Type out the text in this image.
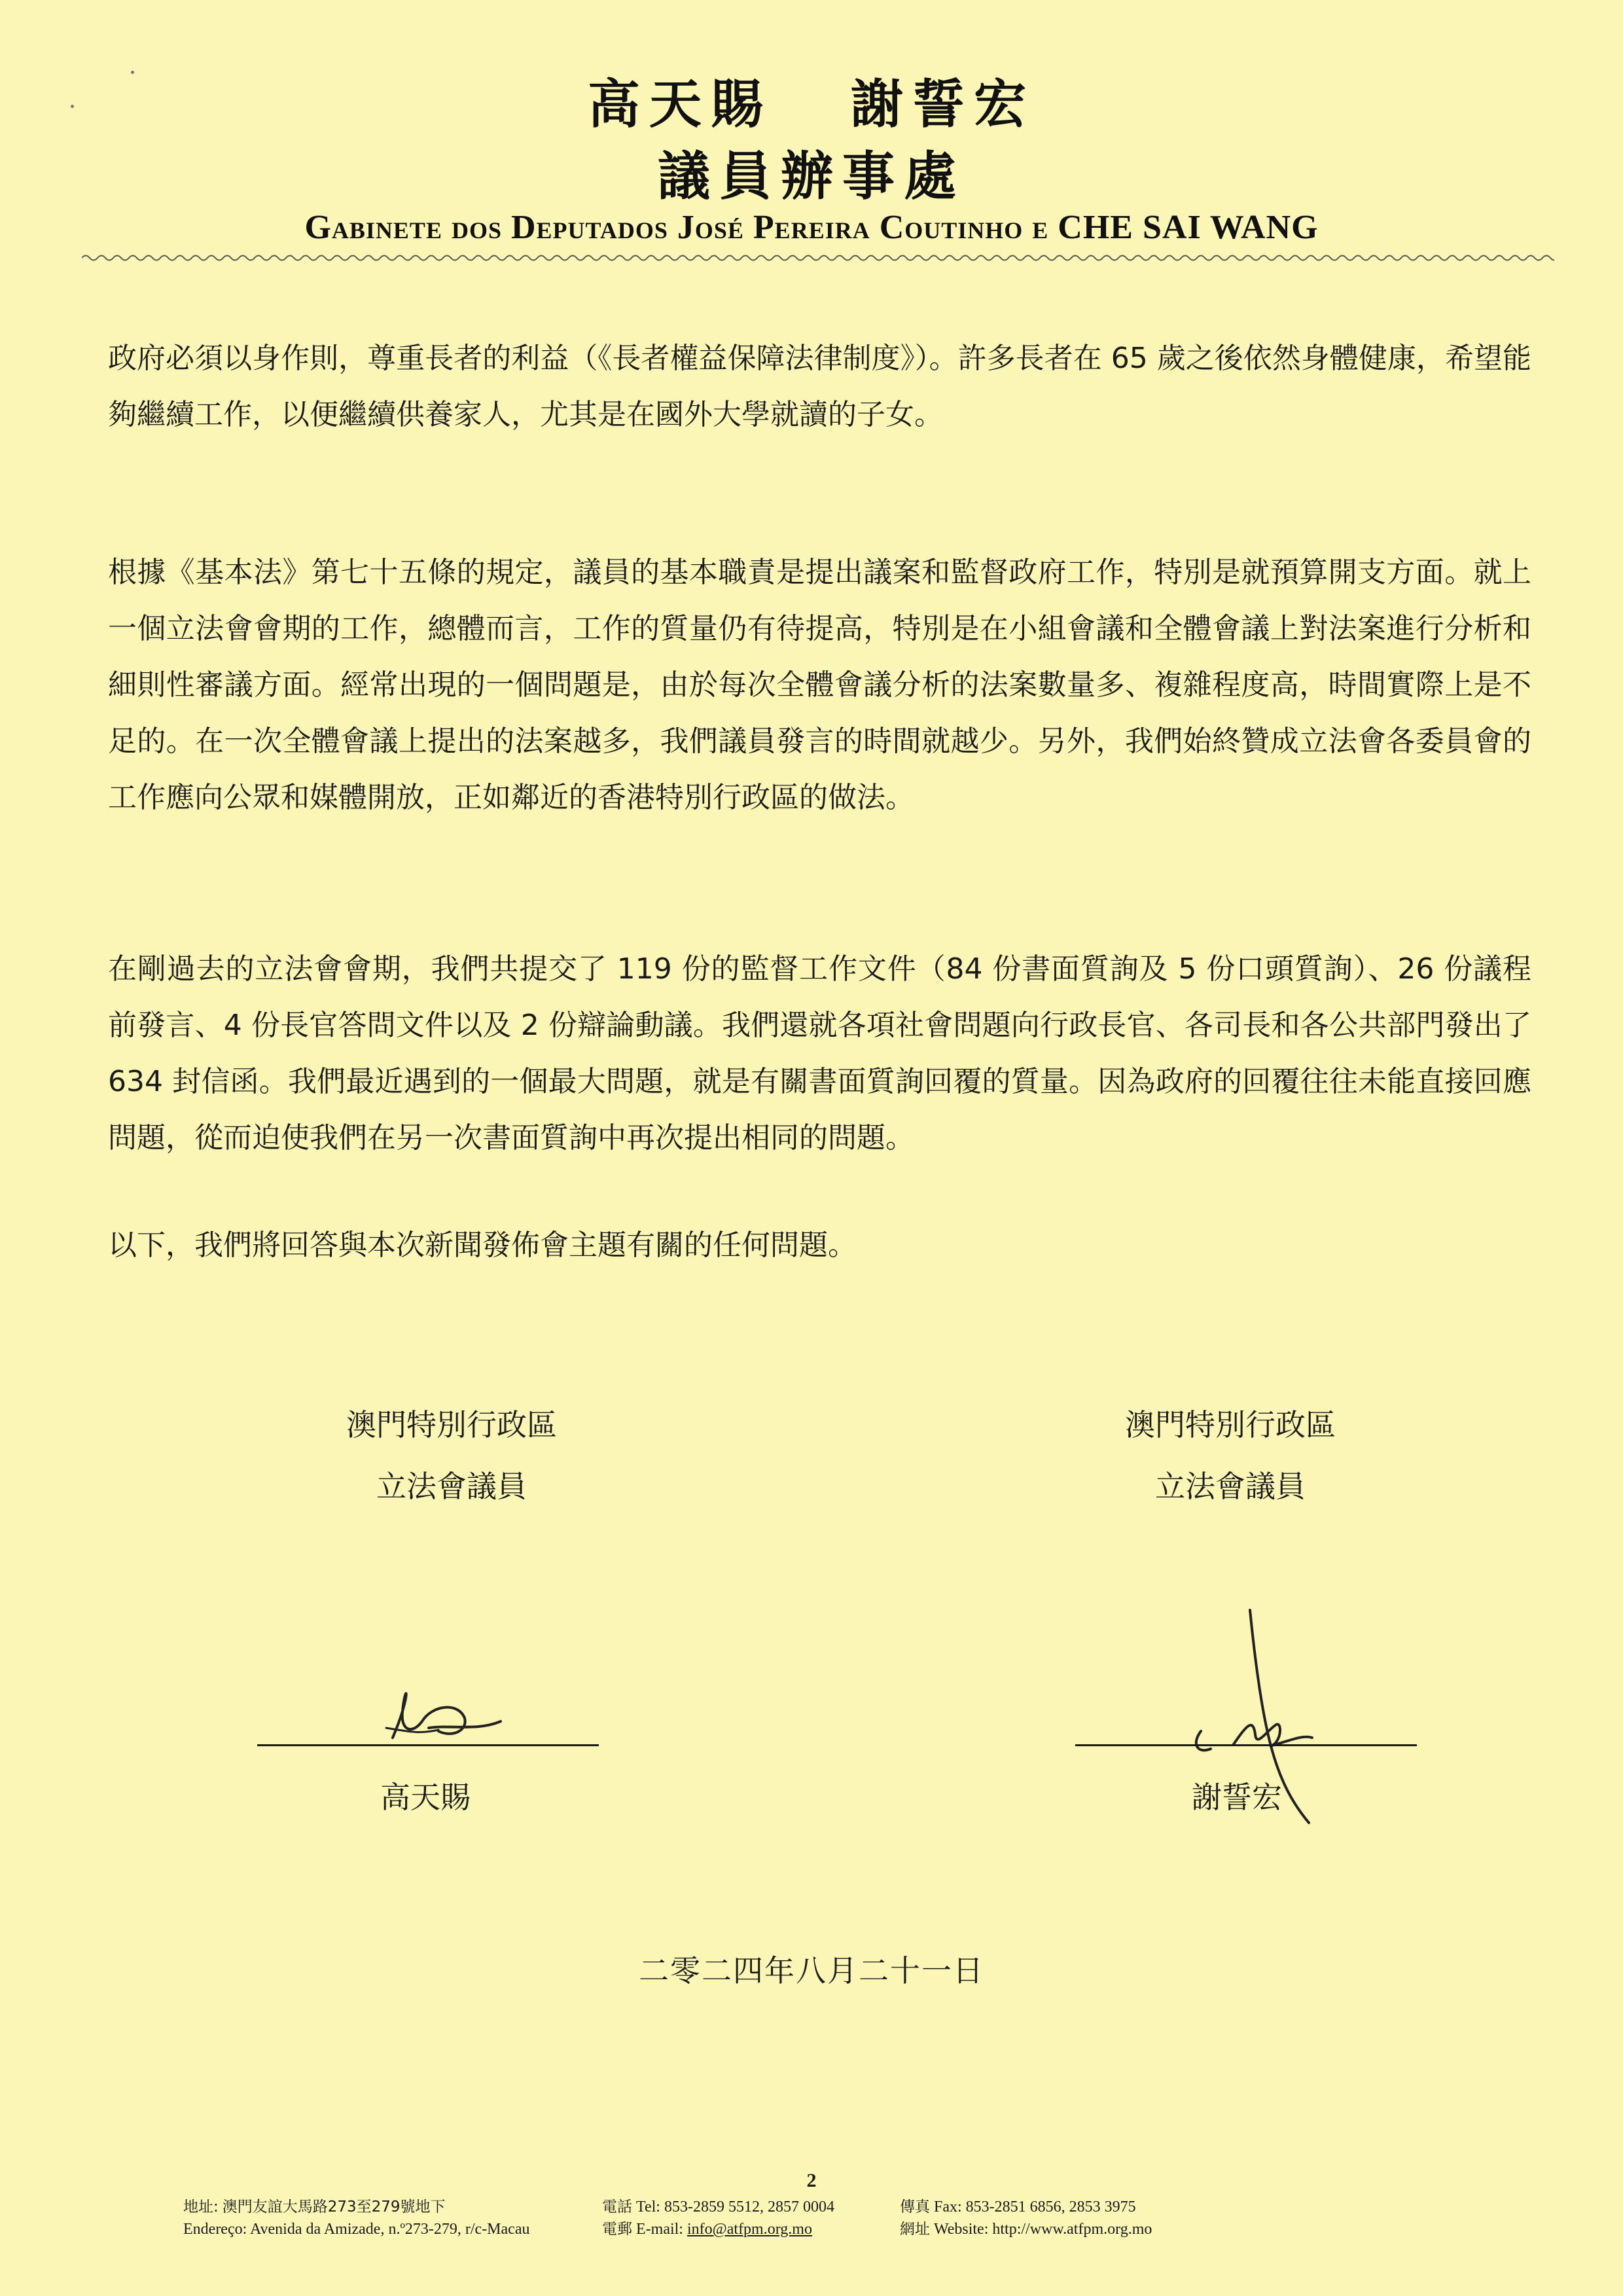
高天賜 謝誓宏
議員辦事處
Gabinete dos Deputados José Pereira Coutinho e CHE SAI WANG
政府必須以身作則，尊重長者的利益（《長者權益保障法律制度》）。許多長者在 65 歲之後依然身體健康，希望能夠繼續工作，以便繼續供養家人，尤其是在國外大學就讀的子女。
根據《基本法》第七十五條的規定，議員的基本職責是提出議案和監督政府工作，特別是就預算開支方面。就上一個立法會會期的工作，總體而言，工作的質量仍有待提高，特別是在小組會議和全體會議上對法案進行分析和細則性審議方面。經常出現的一個問題是，由於每次全體會議分析的法案數量多、複雜程度高，時間實際上是不足的。在一次全體會議上提出的法案越多，我們議員發言的時間就越少。另外，我們始終贊成立法會各委員會的工作應向公眾和媒體開放，正如鄰近的香港特別行政區的做法。
在剛過去的立法會會期，我們共提交了 119 份的監督工作文件（84 份書面質詢及 5 份口頭質詢）、26 份議程前發言、4 份長官答問文件以及 2 份辯論動議。我們還就各項社會問題向行政長官、各司長和各公共部門發出了 634 封信函。我們最近遇到的一個最大問題，就是有關書面質詢回覆的質量。因為政府的回覆往往未能直接回應問題，從而迫使我們在另一次書面質詢中再次提出相同的問題。
以下，我們將回答與本次新聞發佈會主題有關的任何問題。
澳門特別行政區
立法會議員
澳門特別行政區
立法會議員
高天賜	謝誓宏
二零二四年八月二十一日
2
地址: 澳門友誼大馬路273至279號地下
Endereço: Avenida da Amizade, n.º273-279, r/c-Macau
電話 Tel: 853-2859 5512, 2857 0004
電郵 E-mail: info@atfpm.org.mo
傳真 Fax: 853-2851 6856, 2853 3975
網址 Website: http://www.atfpm.org.mo
